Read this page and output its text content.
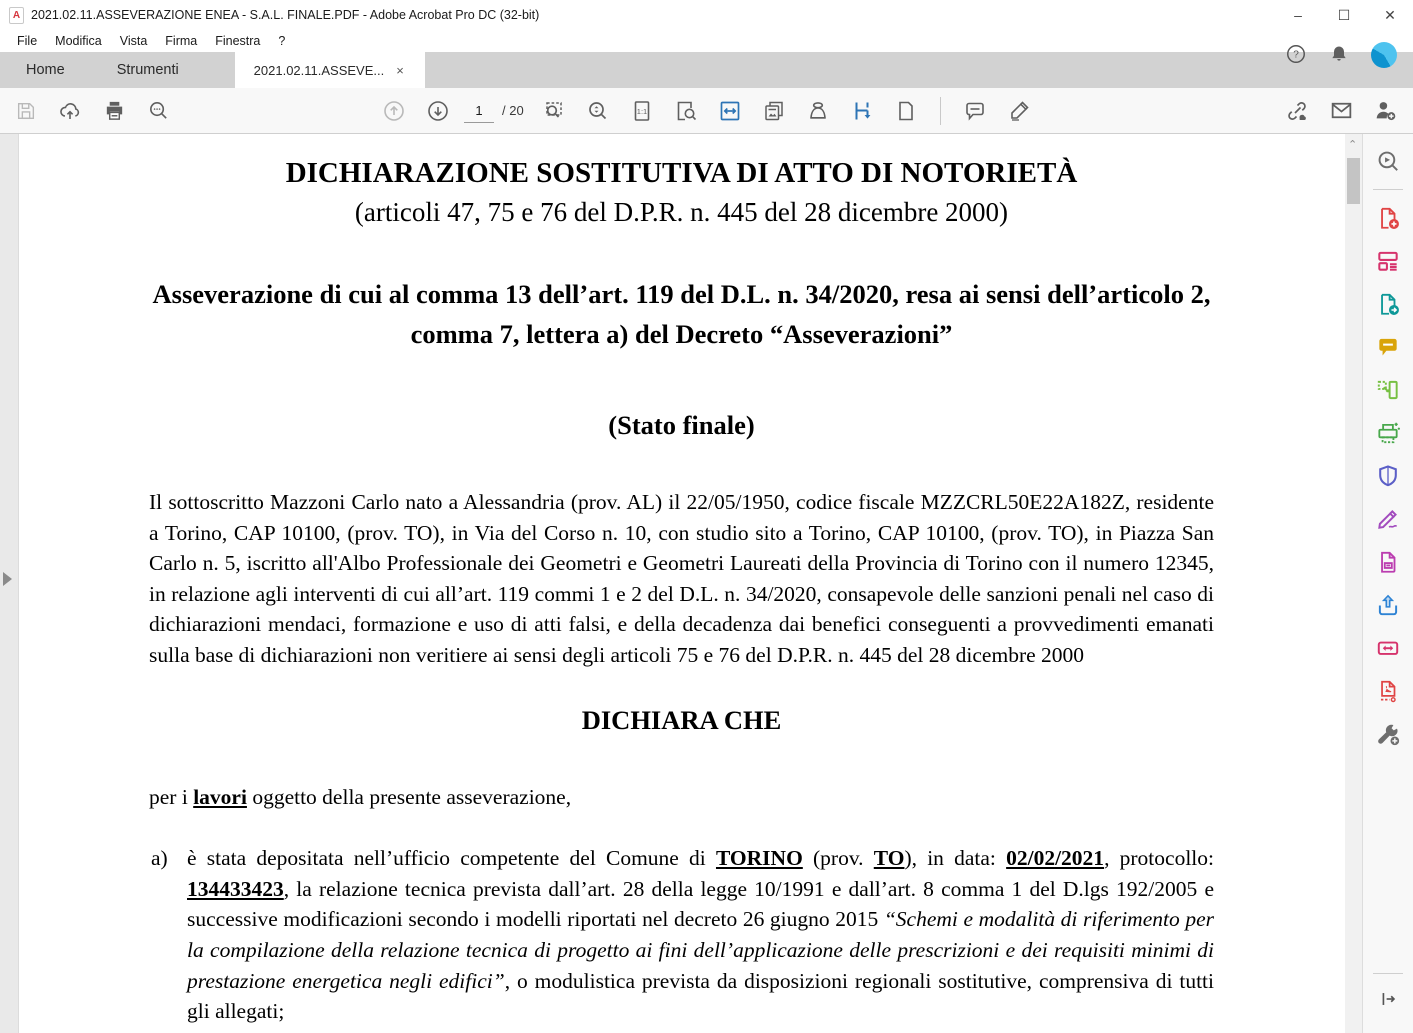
A 2021.02.11.ASSEVERAZIONE ENEA - S.A.L. FINALE.PDF - Adobe Acrobat Pro DC (32-bit)	–	☐	✕
File	Modifica	Vista	Firma	Finestra	?
?
Home	Strumenti	2021.02.11.ASSEVE... ×
1
/ 20	1:1
DICHIARAZIONE SOSTITUTIVA DI ATTO DI NOTORIETÀ
(articoli 47, 75 e 76 del D.P.R. n. 445 del 28 dicembre 2000)
Asseverazione di cui al comma 13 dell’art. 119 del D.L. n. 34/2020, resa ai sensi dell’articolo 2, comma 7, lettera a) del Decreto “Asseverazioni”
(Stato finale)
Il sottoscritto Mazzoni Carlo nato a Alessandria (prov. AL) il 22/05/1950, codice fiscale MZZCRL50E22A182Z, residente a Torino, CAP 10100, (prov. TO), in Via del Corso n. 10, con studio sito a Torino, CAP 10100, (prov. TO), in Piazza San Carlo n. 5, iscritto all'Albo Professionale dei Geometri e Geometri Laureati della Provincia di Torino con il numero 12345, in relazione agli interventi di cui all’art. 119 commi 1 e 2 del D.L. n. 34/2020, consapevole delle sanzioni penali nel caso di dichiarazioni mendaci, formazione e uso di atti falsi, e della decadenza dai benefici conseguenti a provvedimenti emanati sulla base di dichiarazioni non veritiere ai sensi degli articoli 75 e 76 del D.P.R. n. 445 del 28 dicembre 2000
DICHIARA CHE
per i lavori oggetto della presente asseverazione,
a) è stata depositata nell’ufficio competente del Comune di TORINO (prov. TO), in data: 02/02/2021, protocollo: 134433423, la relazione tecnica prevista dall’art. 28 della legge 10/1991 e dall’art. 8 comma 1 del D.lgs 192/2005 e successive modificazioni secondo i modelli riportati nel decreto 26 giugno 2015 “Schemi e modalità di riferimento per la compilazione della relazione tecnica di progetto ai fini dell’applicazione delle prescrizioni e dei requisiti minimi di prestazione energetica negli edifici”, o modulistica prevista da disposizioni regionali sostitutive, comprensiva di tutti gli allegati;
⌃
